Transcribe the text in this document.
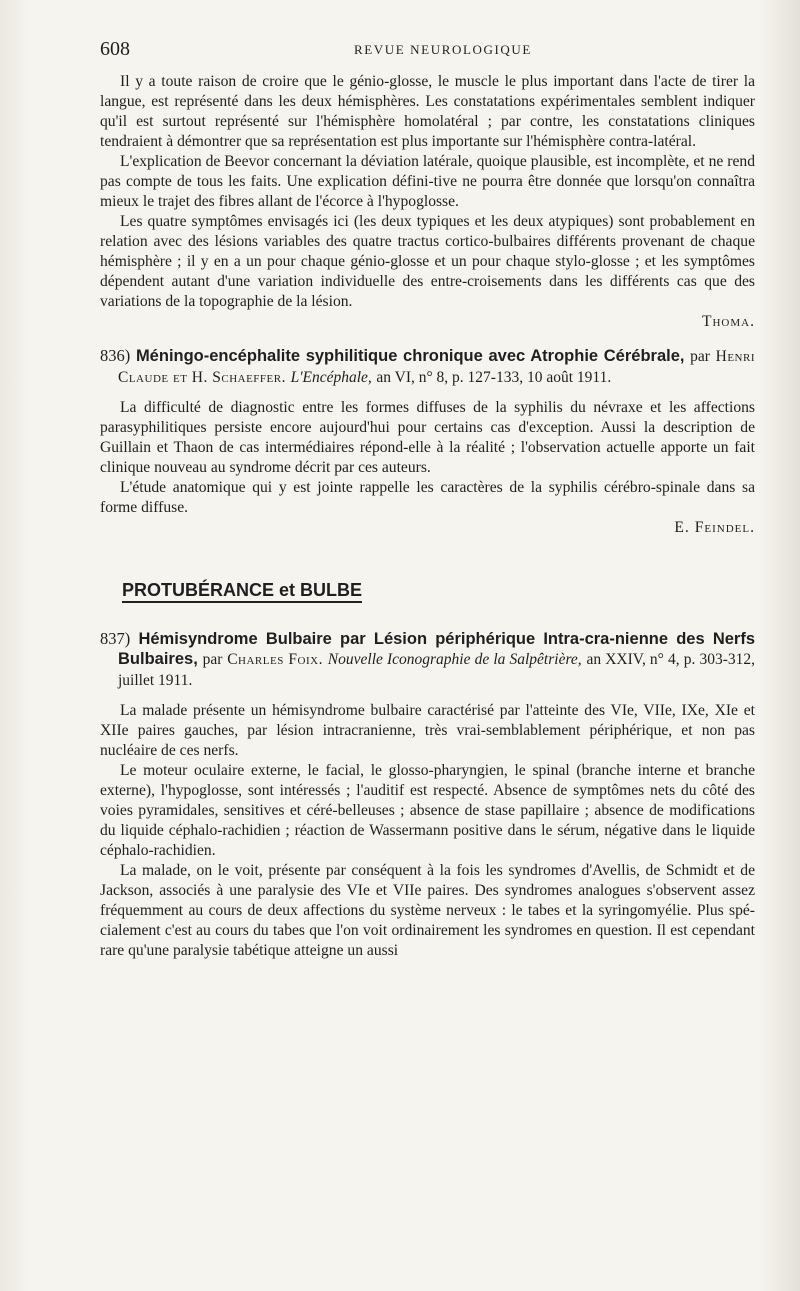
608	REVUE NEUROLOGIQUE

Il y a toute raison de croire que le génio-glosse, le muscle le plus important dans l'acte de tirer la langue, est représenté dans les deux hémisphères. Les constatations expérimentales semblent indiquer qu'il est surtout représenté sur l'hémisphère homolatéral ; par contre, les constatations cliniques tendraient à démontrer que sa représentation est plus importante sur l'hémisphère contra-latéral.

L'explication de Beevor concernant la déviation latérale, quoique plausible, est incomplète, et ne rend pas compte de tous les faits. Une explication défini-tive ne pourra être donnée que lorsqu'on connaîtra mieux le trajet des fibres allant de l'écorce à l'hypoglosse.

Les quatre symptômes envisagés ici (les deux typiques et les deux atypiques) sont probablement en relation avec des lésions variables des quatre tractus cortico-bulbaires différents provenant de chaque hémisphère ; il y en a un pour chaque génio-glosse et un pour chaque stylo-glosse ; et les symptômes dépendent autant d'une variation individuelle des entre-croisements dans les différents cas que des variations de la topographie de la lésion.

Thoma.
836) Méningo-encéphalite syphilitique chronique avec Atrophie Cérébrale, par Henri Claude et H. Schaeffer. L'Encéphale, an VI, n° 8, p. 127-133, 10 août 1911.

La difficulté de diagnostic entre les formes diffuses de la syphilis du névraxe et les affections parasyphilitiques persiste encore aujourd'hui pour certains cas d'exception. Aussi la description de Guillain et Thaon de cas intermédiaires répond-elle à la réalité ; l'observation actuelle apporte un fait clinique nouveau au syndrome décrit par ces auteurs.

L'étude anatomique qui y est jointe rappelle les caractères de la syphilis cérébro-spinale dans sa forme diffuse.

E. Feindel.
PROTUBÉRANCE et BULBE
837) Hémisyndrome Bulbaire par Lésion périphérique Intra-cra-nienne des Nerfs Bulbaires, par Charles Foix. Nouvelle Iconographie de la Salpêtrière, an XXIV, n° 4, p. 303-312, juillet 1911.

La malade présente un hémisyndrome bulbaire caractérisé par l'atteinte des VIe, VIIe, IXe, XIe et XIIe paires gauches, par lésion intracranienne, très vrai-semblablement périphérique, et non pas nucléaire de ces nerfs.

Le moteur oculaire externe, le facial, le glosso-pharyngien, le spinal (branche interne et branche externe), l'hypoglosse, sont intéressés ; l'auditif est respecté. Absence de symptômes nets du côté des voies pyramidales, sensitives et céré-belleuses ; absence de stase papillaire ; absence de modifications du liquide céphalo-rachidien ; réaction de Wassermann positive dans le sérum, négative dans le liquide céphalo-rachidien.

La malade, on le voit, présente par conséquent à la fois les syndromes d'Avellis, de Schmidt et de Jackson, associés à une paralysie des VIe et VIIe paires. Des syndromes analogues s'observent assez fréquemment au cours de deux affections du système nerveux : le tabes et la syringomyélie. Plus spé-cialement c'est au cours du tabes que l'on voit ordinairement les syndromes en question. Il est cependant rare qu'une paralysie tabétique atteigne un aussi
